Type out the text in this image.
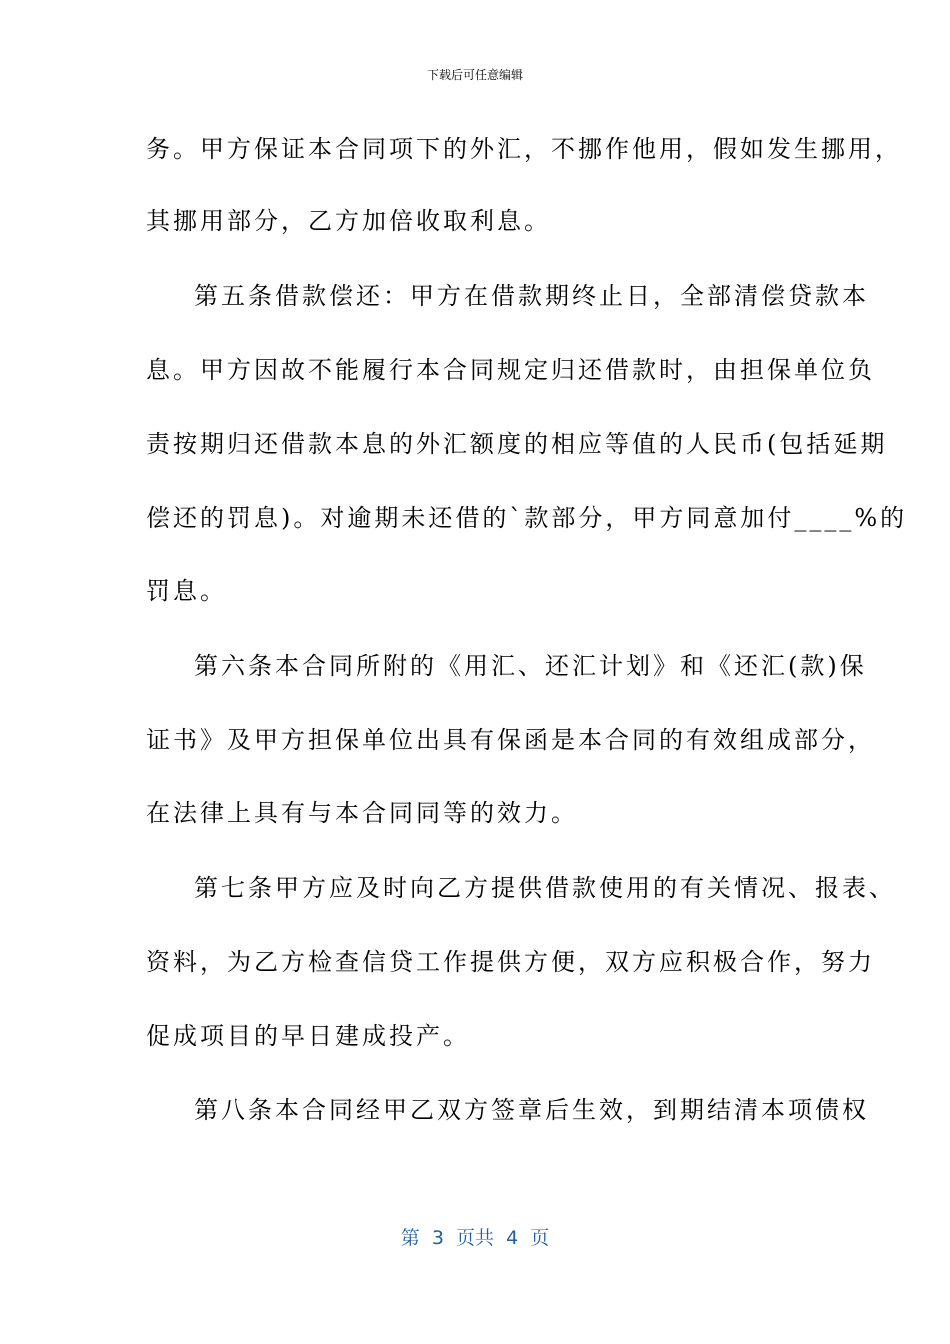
下载后可任意编辑
务。甲方保证本合同项下的外汇，不挪作他用，假如发生挪用，
其挪用部分，乙方加倍收取利息。
第五条借款偿还：甲方在借款期终止日，全部清偿贷款本
息。甲方因故不能履行本合同规定归还借款时，由担保单位负
责按期归还借款本息的外汇额度的相应等值的人民币(包括延期
偿还的罚息)。对逾期未还借的`款部分，甲方同意加付____%的
罚息。
第六条本合同所附的《用汇、还汇计划》和《还汇(款)保
证书》及甲方担保单位出具有保函是本合同的有效组成部分，
在法律上具有与本合同同等的效力。
第七条甲方应及时向乙方提供借款使用的有关情况、报表、
资料，为乙方检查信贷工作提供方便，双方应积极合作，努力
促成项目的早日建成投产。
第八条本合同经甲乙双方签章后生效，到期结清本项债权
第  3  页共  4  页
